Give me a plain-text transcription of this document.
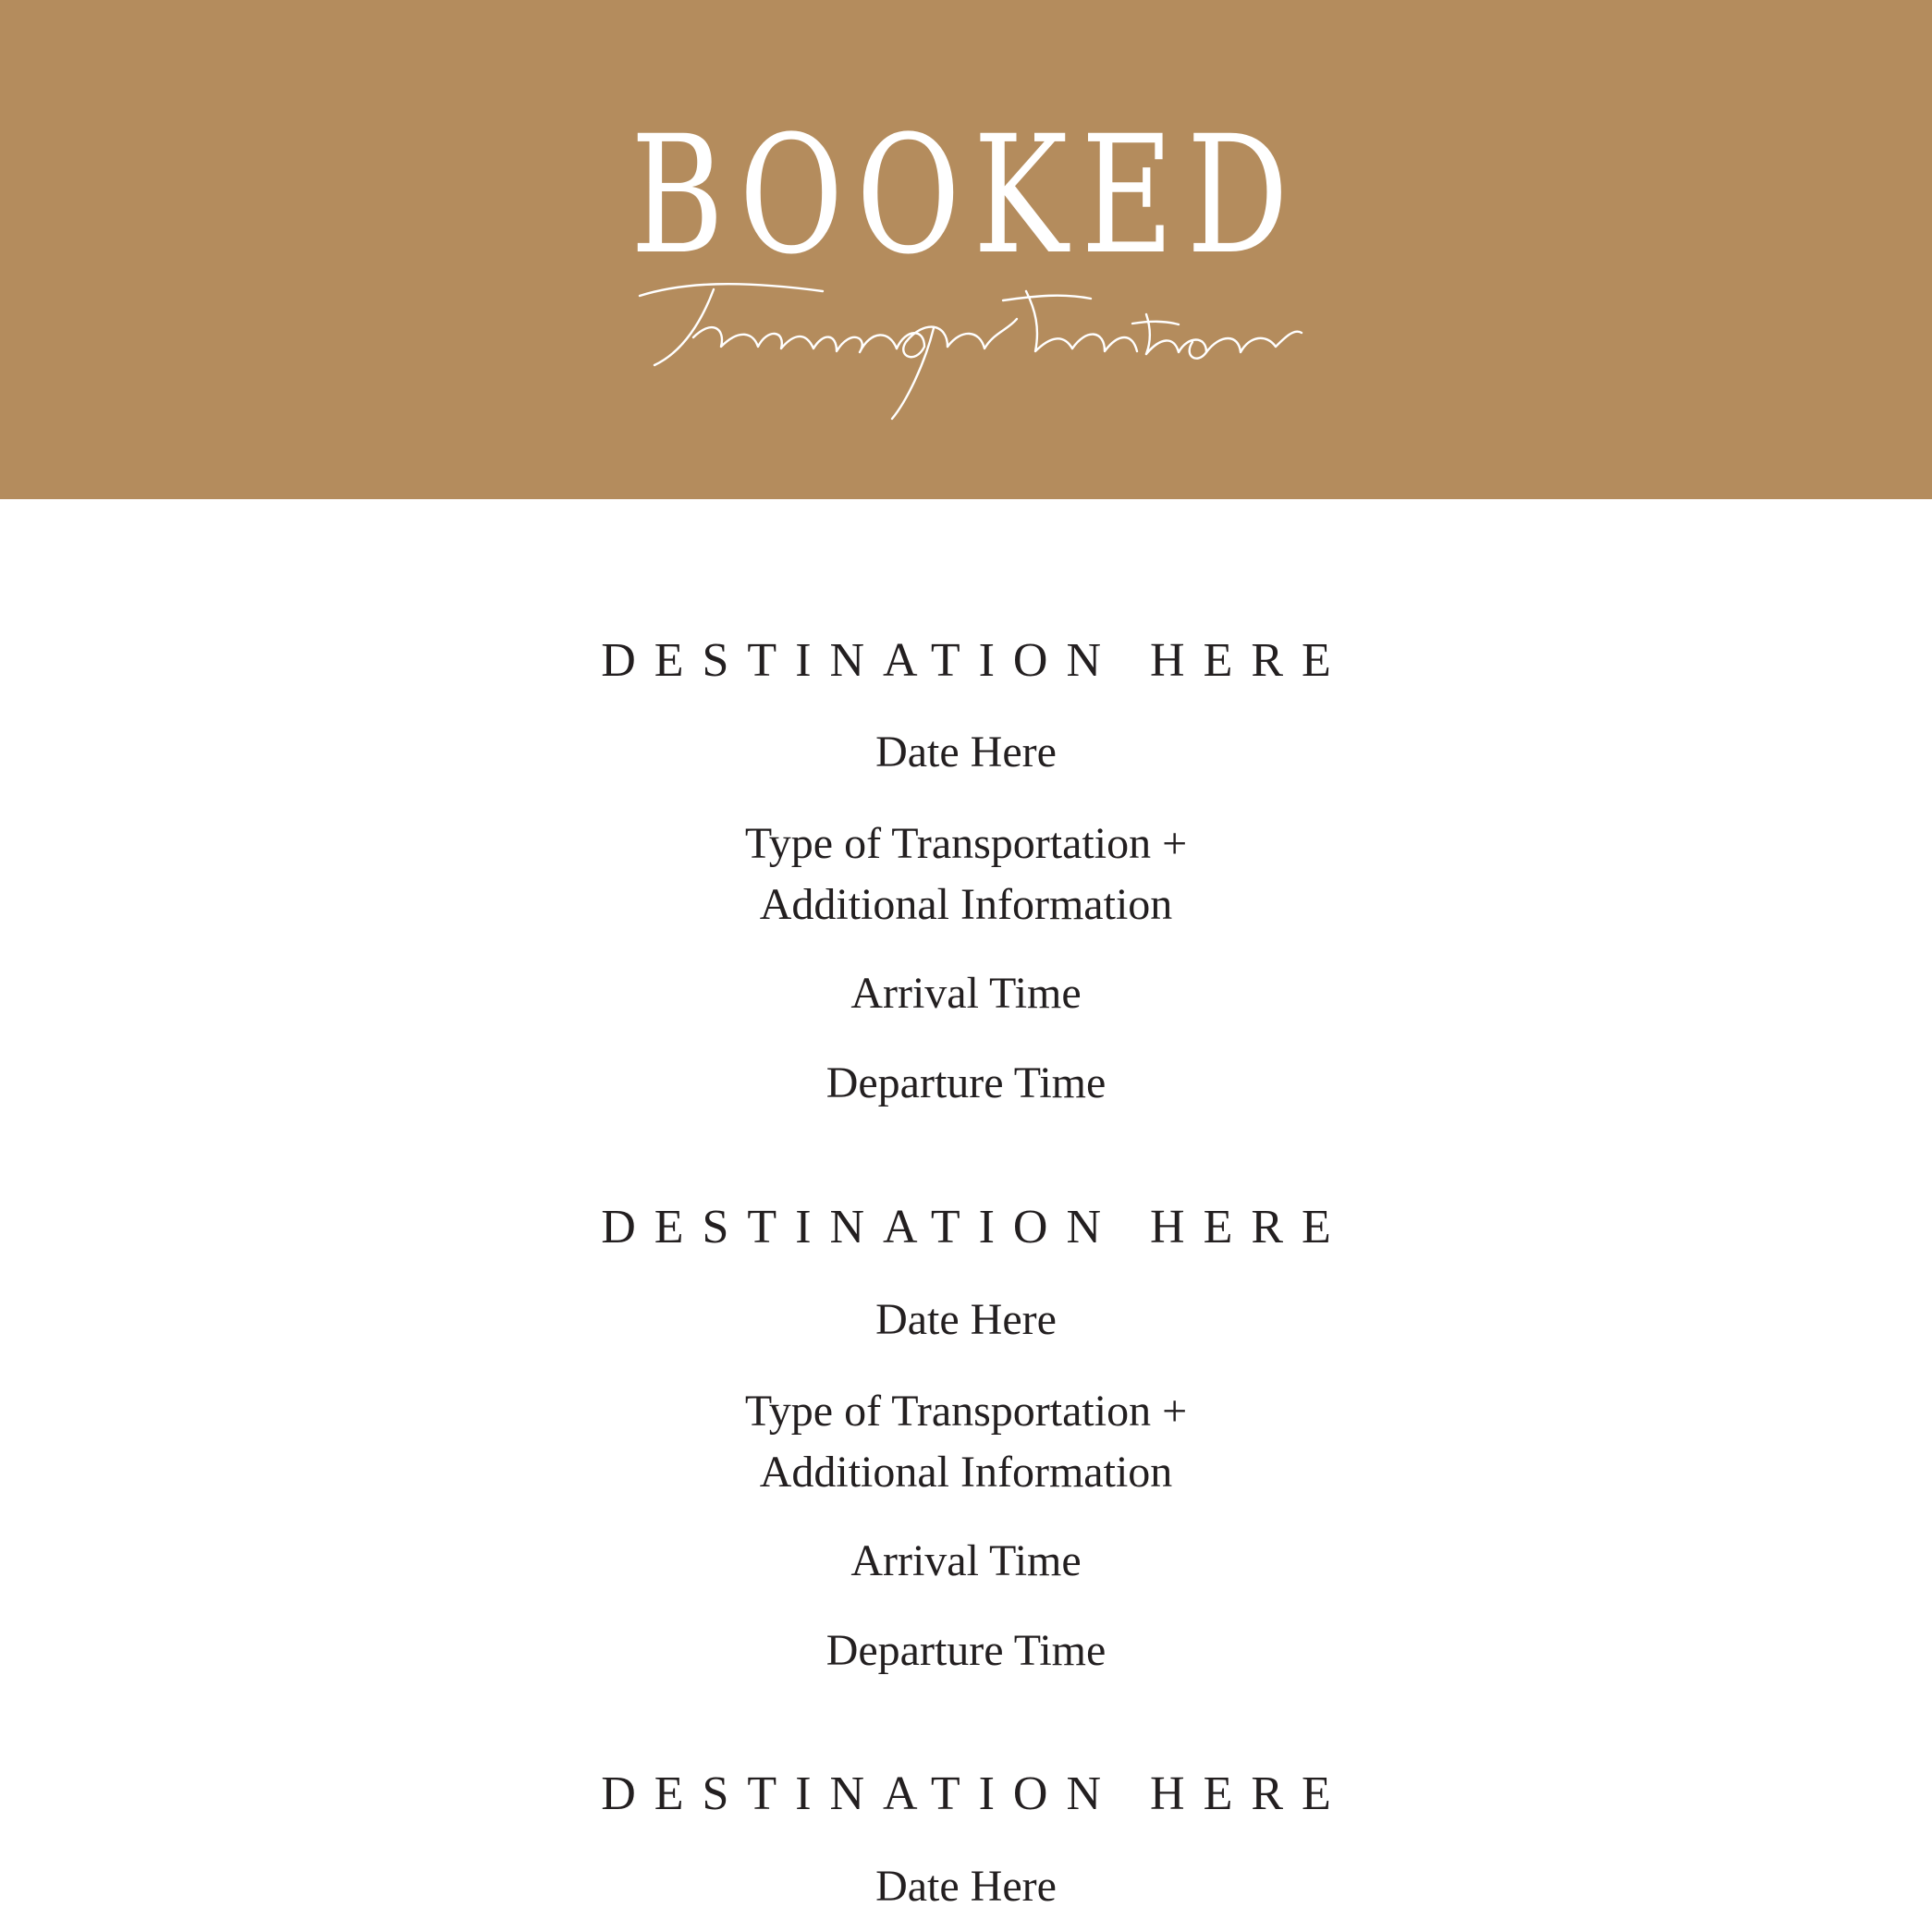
BOOKED
DESTINATION HERE
Date Here
Type of Transportation + Additional Information
Arrival Time
Departure Time
DESTINATION HERE
Date Here
Type of Transportation + Additional Information
Arrival Time
Departure Time
DESTINATION HERE
Date Here
